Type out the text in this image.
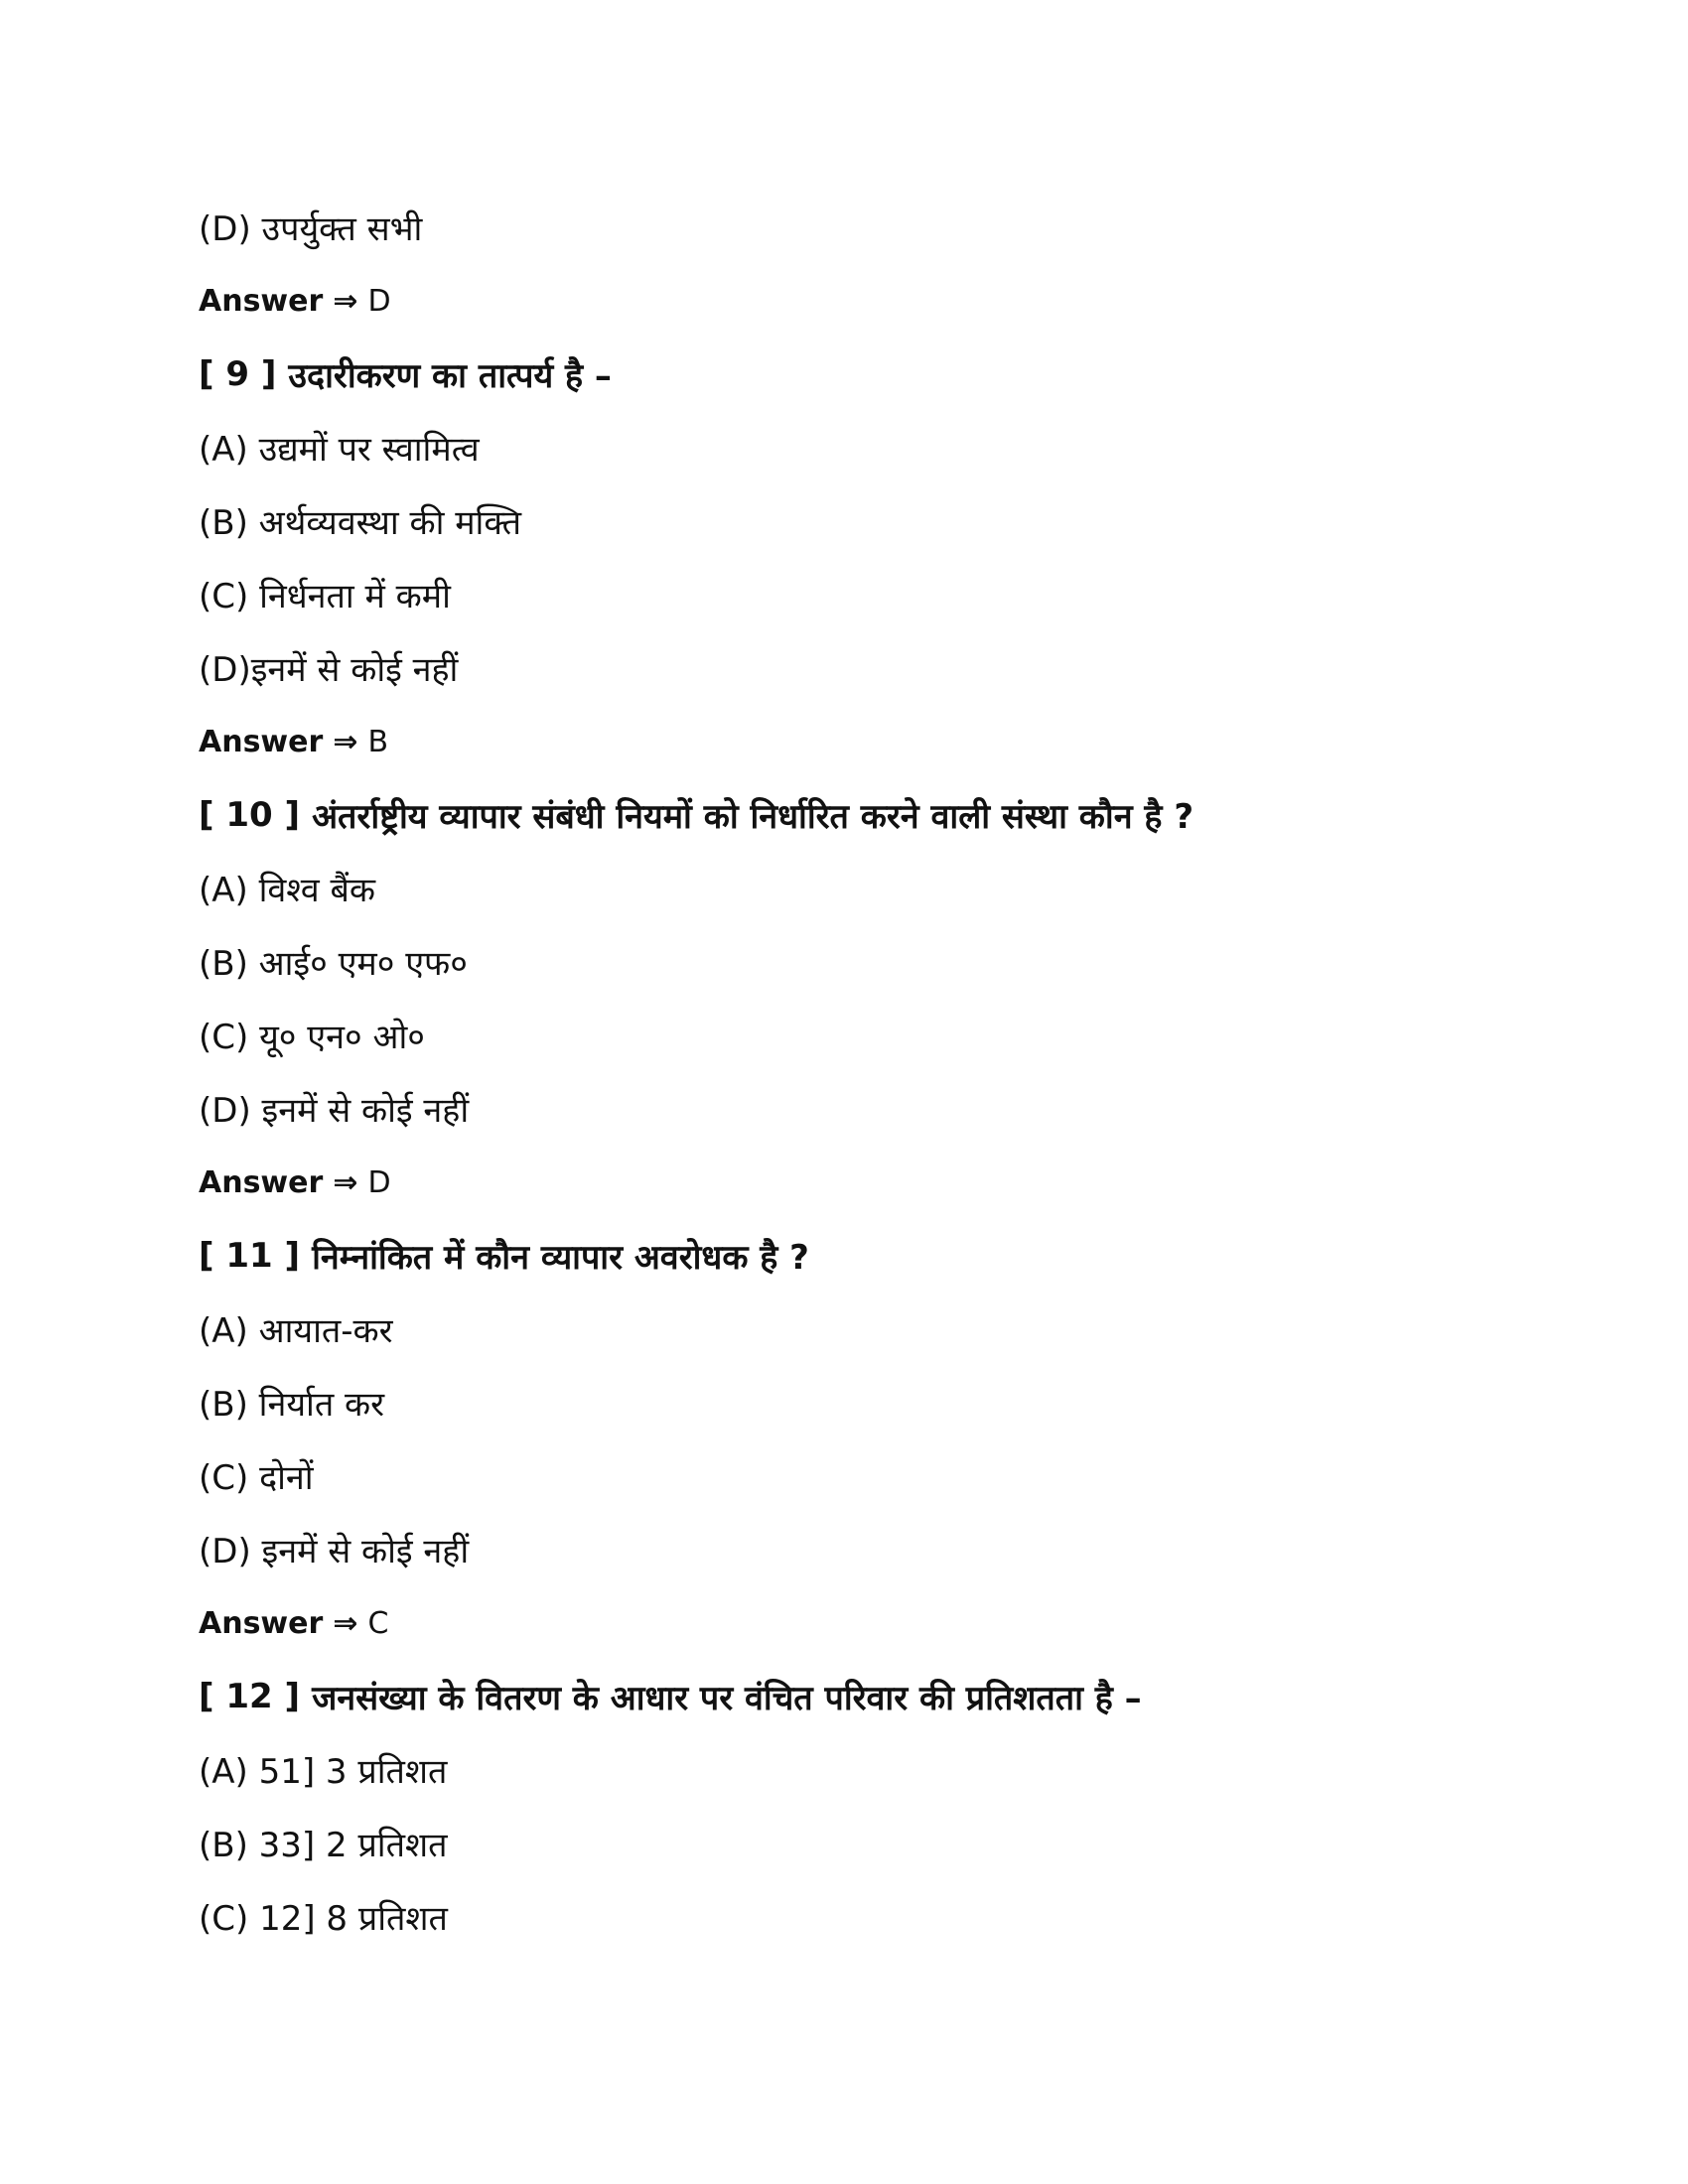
(D) उपर्युक्त सभी
Answer ⇒ D
[ 9 ] उदारीकरण का तात्पर्य है –
(A) उद्यमों पर स्वामित्व
(B) अर्थव्यवस्था की मक्ति
(C) निर्धनता में कमी
(D)इनमें से कोई नहीं
Answer ⇒ B
[ 10 ] अंतर्राष्ट्रीय व्यापार संबंधी नियमों को निर्धारित करने वाली संस्था कौन है ?
(A) विश्व बैंक
(B) आई० एम० एफ०
(C) यू० एन० ओ०
(D) इनमें से कोई नहीं
Answer ⇒ D
[ 11 ] निम्नांकित में कौन व्यापार अवरोधक है ?
(A) आयात-कर
(B) निर्यात कर
(C) दोनों
(D) इनमें से कोई नहीं
Answer ⇒ C
[ 12 ] जनसंख्या के वितरण के आधार पर वंचित परिवार की प्रतिशतता है –
(A) 51] 3 प्रतिशत
(B) 33] 2 प्रतिशत
(C) 12] 8 प्रतिशत
